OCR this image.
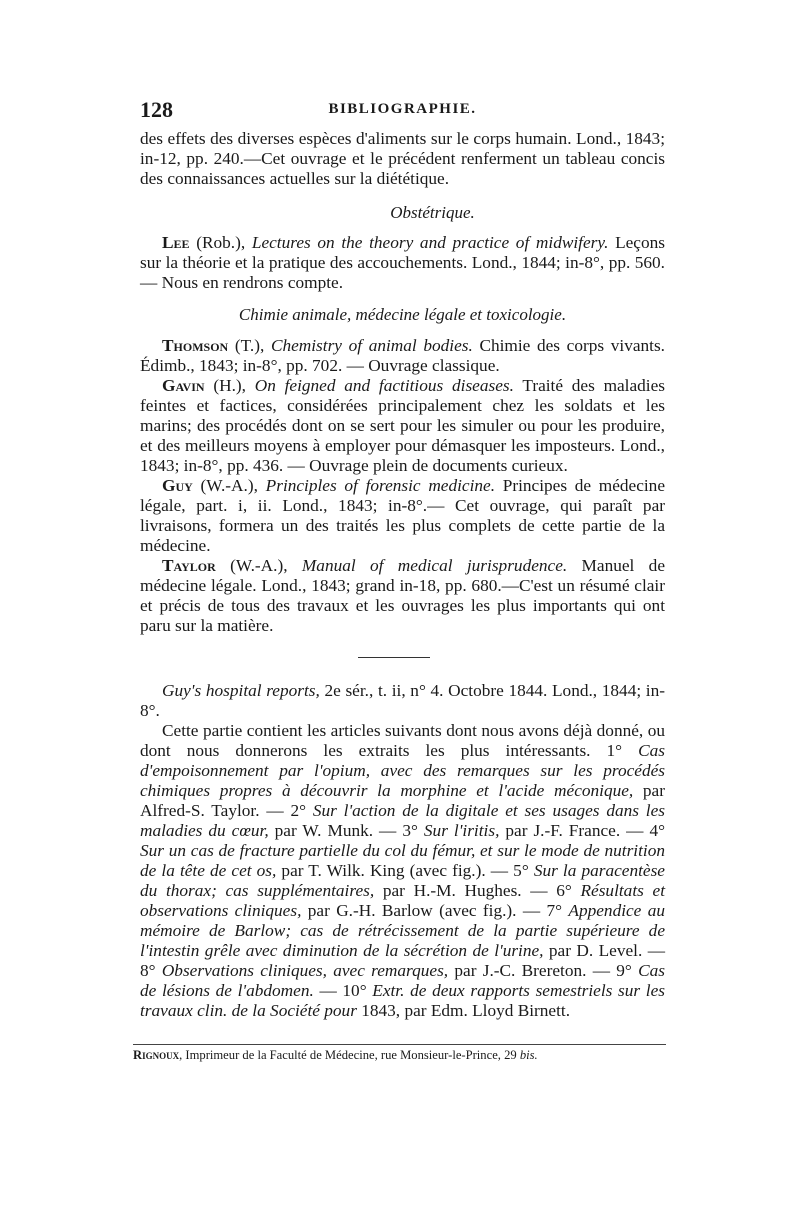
128	BIBLIOGRAPHIE.
des effets des diverses espèces d'aliments sur le corps humain. Lond., 1843; in-12, pp. 240.—Cet ouvrage et le précédent renferment un tableau concis des connaissances actuelles sur la diététique.
Obstétrique.

Lee (Rob.), Lectures on the theory and practice of midwifery. Leçons sur la théorie et la pratique des accouchements. Lond., 1844; in-8°, pp. 560. — Nous en rendrons compte.

Chimie animale, médecine légale et toxicologie.

Thomson (T.), Chemistry of animal bodies. Chimie des corps vivants. Édimb., 1843; in-8°, pp. 702. — Ouvrage classique.

Gavin (H.), On feigned and factitious diseases. Traité des maladies feintes et factices, considérées principalement chez les soldats et les marins; des procédés dont on se sert pour les simuler ou pour les produire, et des meilleurs moyens à employer pour démasquer les imposteurs. Lond., 1843; in-8°, pp. 436. — Ouvrage plein de documents curieux.

Guy (W.-A.), Principles of forensic medicine. Principes de médecine légale, part. i, ii. Lond., 1843; in-8°.— Cet ouvrage, qui paraît par livraisons, formera un des traités les plus complets de cette partie de la médecine.

Taylor (W.-A.), Manual of medical jurisprudence. Manuel de médecine légale. Lond., 1843; grand in-18, pp. 680.—C'est un résumé clair et précis de tous des travaux et les ouvrages les plus importants qui ont paru sur la matière.

Guy's hospital reports, 2e sér., t. ii, n° 4. Octobre 1844. Lond., 1844; in-8°.

Cette partie contient les articles suivants dont nous avons déjà donné, ou dont nous donnerons les extraits les plus intéressants. 1° Cas d'empoisonnement par l'opium, avec des remarques sur les procédés chimiques propres à découvrir la morphine et l'acide méconique, par Alfred-S. Taylor. — 2° Sur l'action de la digitale et ses usages dans les maladies du cœur, par W. Munk. — 3° Sur l'iritis, par J.-F. France. — 4° Sur un cas de fracture partielle du col du fémur, et sur le mode de nutrition de la tête de cet os, par T. Wilk. King (avec fig.). — 5° Sur la paracentèse du thorax; cas supplémentaires, par H.-M. Hughes. — 6° Résultats et observations cliniques, par G.-H. Barlow (avec fig.). — 7° Appendice au mémoire de Barlow; cas de rétrécissement de la partie supérieure de l'intestin grêle avec diminution de la sécrétion de l'urine, par D. Level. — 8° Observations cliniques, avec remarques, par J.-C. Brereton. — 9° Cas de lésions de l'abdomen. — 10° Extr. de deux rapports semestriels sur les travaux clin. de la Société pour 1843, par Edm. Lloyd Birnett.

Rignoux, Imprimeur de la Faculté de Médecine, rue Monsieur-le-Prince, 29 bis.
